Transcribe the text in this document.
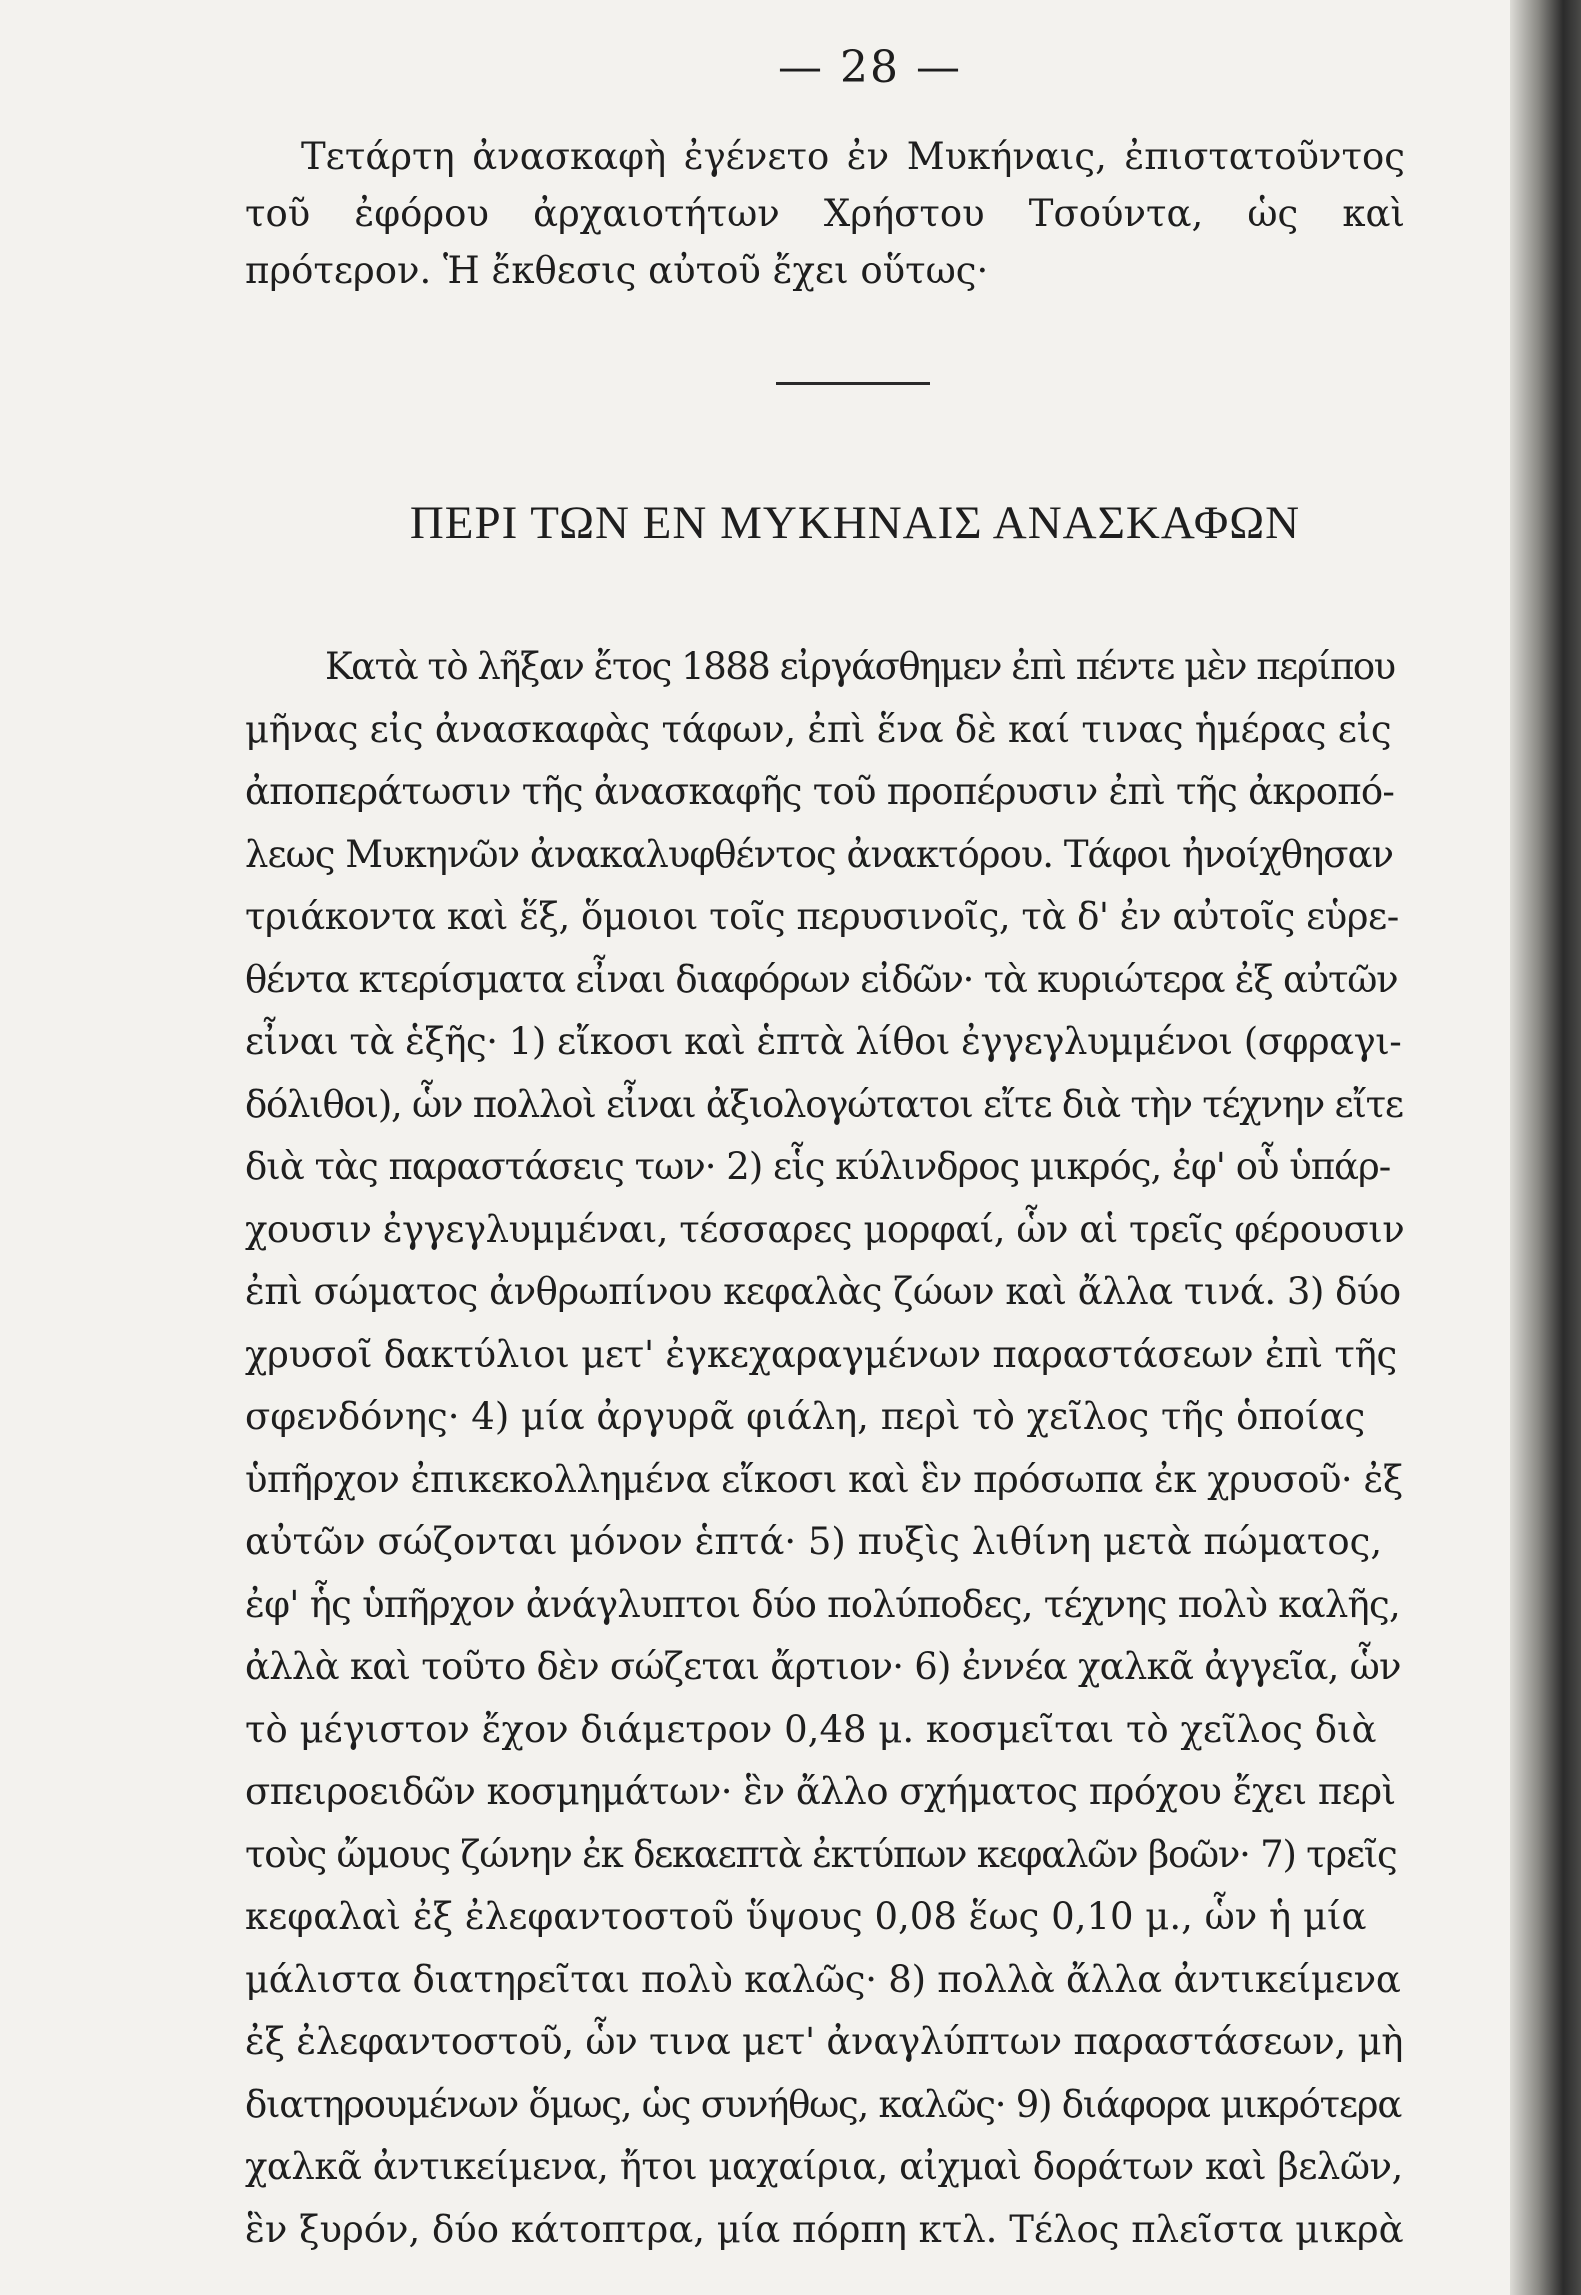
— 28 —
Τετάρτη ἀνασκαφὴ ἐγένετο ἐν Μυκήναις, ἐπιστατοῦντος τοῦ ἐφόρου ἀρχαιοτήτων Χρήστου Τσούντα, ὡς καὶ πρότερον. Ἡ ἔκθεσις αὐτοῦ ἔχει οὕτως·
ΠΕΡΙ ΤΩΝ ΕΝ ΜΥΚΗΝΑΙΣ ΑΝΑΣΚΑΦΩΝ
Κατὰ τὸ λῆξαν ἔτος 1888 εἰργάσθημεν ἐπὶ πέντε μὲν περίπου
μῆνας εἰς ἀνασκαφὰς τάφων, ἐπὶ ἕνα δὲ καί τινας ἡμέρας εἰς
ἀποπεράτωσιν τῆς ἀνασκαφῆς τοῦ προπέρυσιν ἐπὶ τῆς ἀκροπό-
λεως Μυκηνῶν ἀνακαλυφθέντος ἀνακτόρου. Τάφοι ἠνοίχθησαν
τριάκοντα καὶ ἕξ, ὅμοιοι τοῖς περυσινοῖς, τὰ δ' ἐν αὐτοῖς εὑρε-
θέντα κτερίσματα εἶναι διαφόρων εἰδῶν· τὰ κυριώτερα ἐξ αὐτῶν
εἶναι τὰ ἑξῆς· 1) εἴκοσι καὶ ἑπτὰ λίθοι ἐγγεγλυμμένοι (σφραγι-
δόλιθοι), ὧν πολλοὶ εἶναι ἀξιολογώτατοι εἴτε διὰ τὴν τέχνην εἴτε
διὰ τὰς παραστάσεις των· 2) εἷς κύλινδρος μικρός, ἐφ' οὗ ὑπάρ-
χουσιν ἐγγεγλυμμέναι, τέσσαρες μορφαί, ὧν αἱ τρεῖς φέρουσιν
ἐπὶ σώματος ἀνθρωπίνου κεφαλὰς ζώων καὶ ἄλλα τινά. 3) δύο
χρυσοῖ δακτύλιοι μετ' ἐγκεχαραγμένων παραστάσεων ἐπὶ τῆς
σφενδόνης· 4) μία ἀργυρᾶ φιάλη, περὶ τὸ χεῖλος τῆς ὁποίας
ὑπῆρχον ἐπικεκολλημένα εἴκοσι καὶ ἓν πρόσωπα ἐκ χρυσοῦ· ἐξ
αὐτῶν σώζονται μόνον ἑπτά· 5) πυξὶς λιθίνη μετὰ πώματος,
ἐφ' ἧς ὑπῆρχον ἀνάγλυπτοι δύο πολύποδες, τέχνης πολὺ καλῆς,
ἀλλὰ καὶ τοῦτο δὲν σώζεται ἄρτιον· 6) ἐννέα χαλκᾶ ἀγγεῖα, ὧν
τὸ μέγιστον ἔχον διάμετρον 0,48 μ. κοσμεῖται τὸ χεῖλος διὰ
σπειροειδῶν κοσμημάτων· ἓν ἄλλο σχήματος πρόχου ἔχει περὶ
τοὺς ὤμους ζώνην ἐκ δεκαεπτὰ ἐκτύπων κεφαλῶν βοῶν· 7) τρεῖς
κεφαλαὶ ἐξ ἐλεφαντοστοῦ ὕψους 0,08 ἕως 0,10 μ., ὧν ἡ μία
μάλιστα διατηρεῖται πολὺ καλῶς· 8) πολλὰ ἄλλα ἀντικείμενα
ἐξ ἐλεφαντοστοῦ, ὧν τινα μετ' ἀναγλύπτων παραστάσεων, μὴ
διατηρουμένων ὅμως, ὡς συνήθως, καλῶς· 9) διάφορα μικρότερα
χαλκᾶ ἀντικείμενα, ἤτοι μαχαίρια, αἰχμαὶ δοράτων καὶ βελῶν,
ἓν ξυρόν, δύο κάτοπτρα, μία πόρπη κτλ. Τέλος πλεῖστα μικρὰ
